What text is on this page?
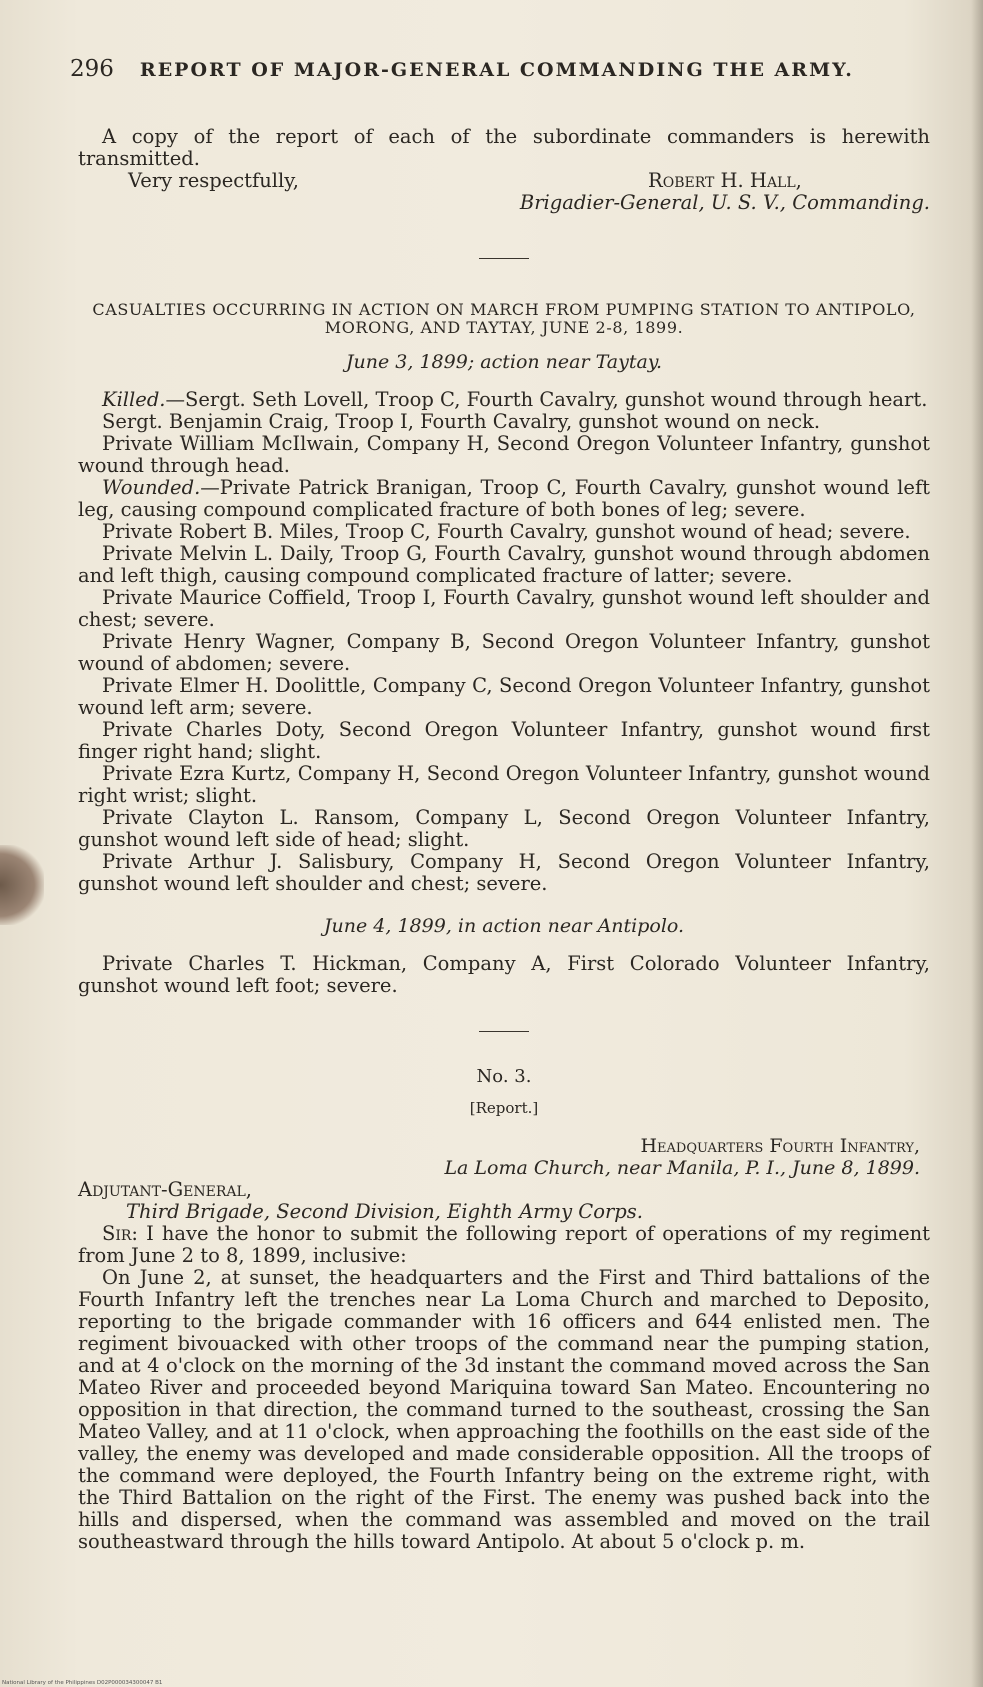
296 REPORT OF MAJOR-GENERAL COMMANDING THE ARMY.

A copy of the report of each of the subordinate commanders is herewith transmitted.

Very respectfully,	Robert H. Hall,
Brigadier-General, U. S. V., Commanding.
CASUALTIES OCCURRING IN ACTION ON MARCH FROM PUMPING STATION TO ANTIPOLO,
MORONG, AND TAYTAY, JUNE 2-8, 1899.
June 3, 1899; action near Taytay.

Killed.—Sergt. Seth Lovell, Troop C, Fourth Cavalry, gunshot wound through heart.

Sergt. Benjamin Craig, Troop I, Fourth Cavalry, gunshot wound on neck.

Private William McIlwain, Company H, Second Oregon Volunteer Infantry, gunshot wound through head.

Wounded.—Private Patrick Branigan, Troop C, Fourth Cavalry, gunshot wound left leg, causing compound complicated fracture of both bones of leg; severe.

Private Robert B. Miles, Troop C, Fourth Cavalry, gunshot wound of head; severe.

Private Melvin L. Daily, Troop G, Fourth Cavalry, gunshot wound through abdomen and left thigh, causing compound complicated fracture of latter; severe.

Private Maurice Coffield, Troop I, Fourth Cavalry, gunshot wound left shoulder and chest; severe.

Private Henry Wagner, Company B, Second Oregon Volunteer Infantry, gunshot wound of abdomen; severe.

Private Elmer H. Doolittle, Company C, Second Oregon Volunteer Infantry, gunshot wound left arm; severe.

Private Charles Doty, Second Oregon Volunteer Infantry, gunshot wound first finger right hand; slight.

Private Ezra Kurtz, Company H, Second Oregon Volunteer Infantry, gunshot wound right wrist; slight.

Private Clayton L. Ransom, Company L, Second Oregon Volunteer Infantry, gunshot wound left side of head; slight.

Private Arthur J. Salisbury, Company H, Second Oregon Volunteer Infantry, gunshot wound left shoulder and chest; severe.

June 4, 1899, in action near Antipolo.

Private Charles T. Hickman, Company A, First Colorado Volunteer Infantry, gunshot wound left foot; severe.

No. 3.
[Report.]
Headquarters Fourth Infantry,
La Loma Church, near Manila, P. I., June 8, 1899.

Adjutant-General,

Third Brigade, Second Division, Eighth Army Corps.

Sir: I have the honor to submit the following report of operations of my regiment from June 2 to 8, 1899, inclusive:

On June 2, at sunset, the headquarters and the First and Third battalions of the Fourth Infantry left the trenches near La Loma Church and marched to Deposito, reporting to the brigade commander with 16 officers and 644 enlisted men. The regiment bivouacked with other troops of the command near the pumping station, and at 4 o'clock on the morning of the 3d instant the command moved across the San Mateo River and proceeded beyond Mariquina toward San Mateo. Encountering no opposition in that direction, the command turned to the southeast, crossing the San Mateo Valley, and at 11 o'clock, when approaching the foothills on the east side of the valley, the enemy was developed and made considerable opposition. All the troops of the command were deployed, the Fourth Infantry being on the extreme right, with the Third Battalion on the right of the First. The enemy was pushed back into the hills and dispersed, when the command was assembled and moved on the trail southeastward through the hills toward Antipolo. At about 5 o'clock p. m.

National Library of the Philippines D02P000034300047 B1
